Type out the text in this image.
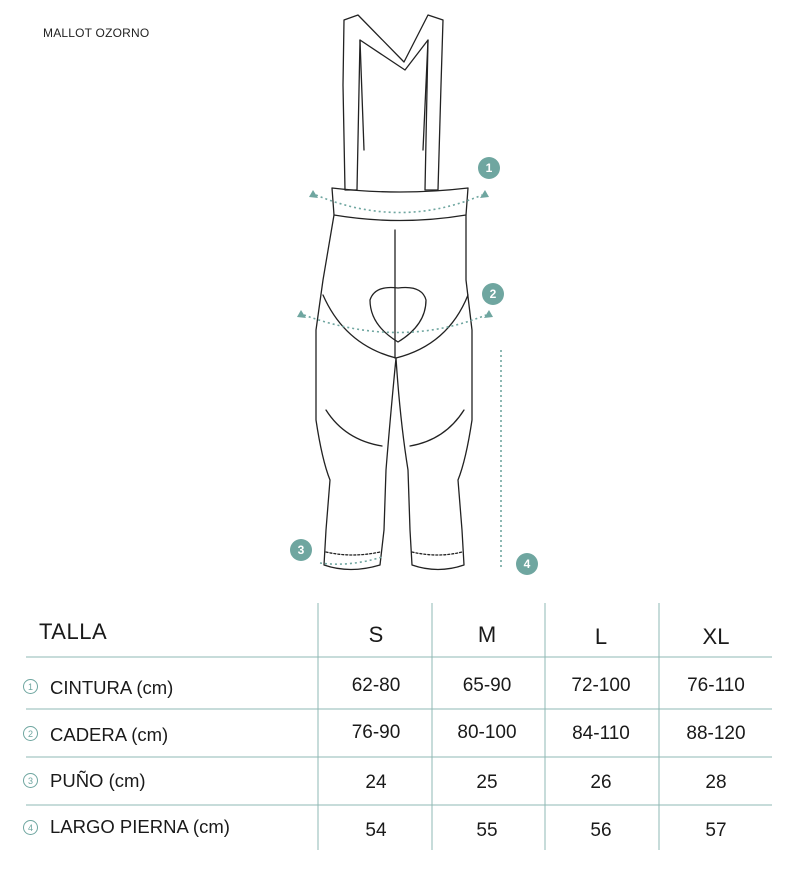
MALLOT OZORNO
1
2
3
4
TALLA	S	M	L	XL
1 CINTURA (cm)	62-80	65-90	72-100	76-110
2 CADERA (cm)	76-90	80-100	84-110	88-120
3 PUÑO (cm)	24	25	26	28
4 LARGO PIERNA (cm)	54	55	56	57
